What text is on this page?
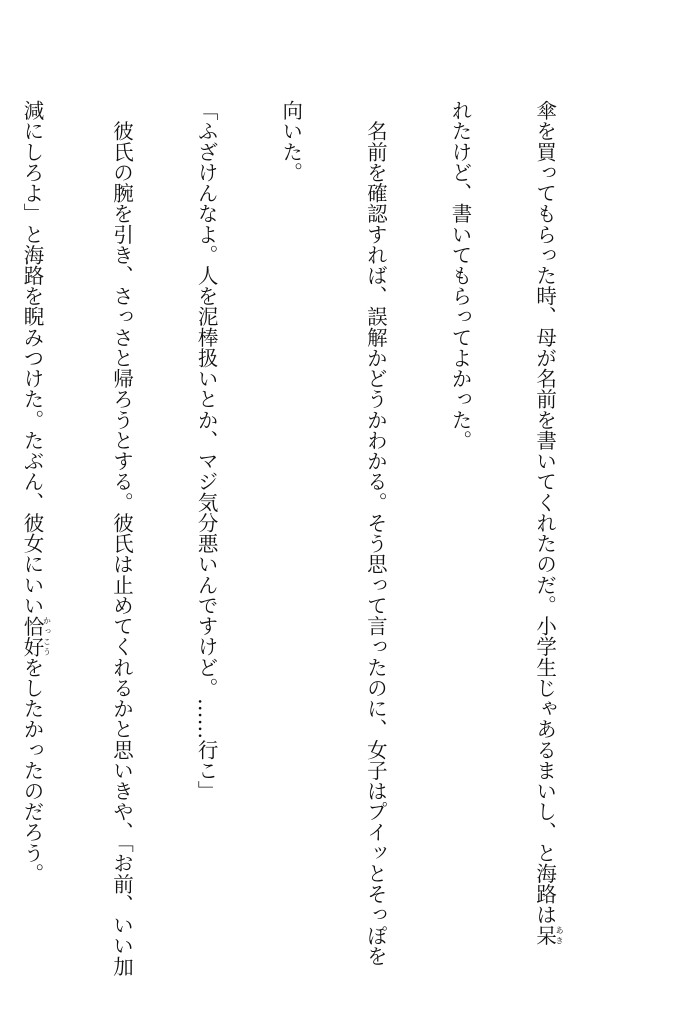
傘を買ってもらった時、母が名前を書いてくれたのだ。小学生じゃあるまいし、と海路は呆あき

れたけど、書いてもらってよかった。

　名前を確認すれば、誤解かどうかわかる。そう思って言ったのに、女子はプイッとそっぽを

向いた。

「ふざけんなよ。人を泥棒扱いとか、マジ気分悪いんですけど。……行こ」

　彼氏の腕を引き、さっさと帰ろうとする。彼氏は止めてくれるかと思いきや、「お前、いい加

減にしろよ」と海路を睨みつけた。たぶん、彼女にいい恰好かっこうをしたかったのだろう。
